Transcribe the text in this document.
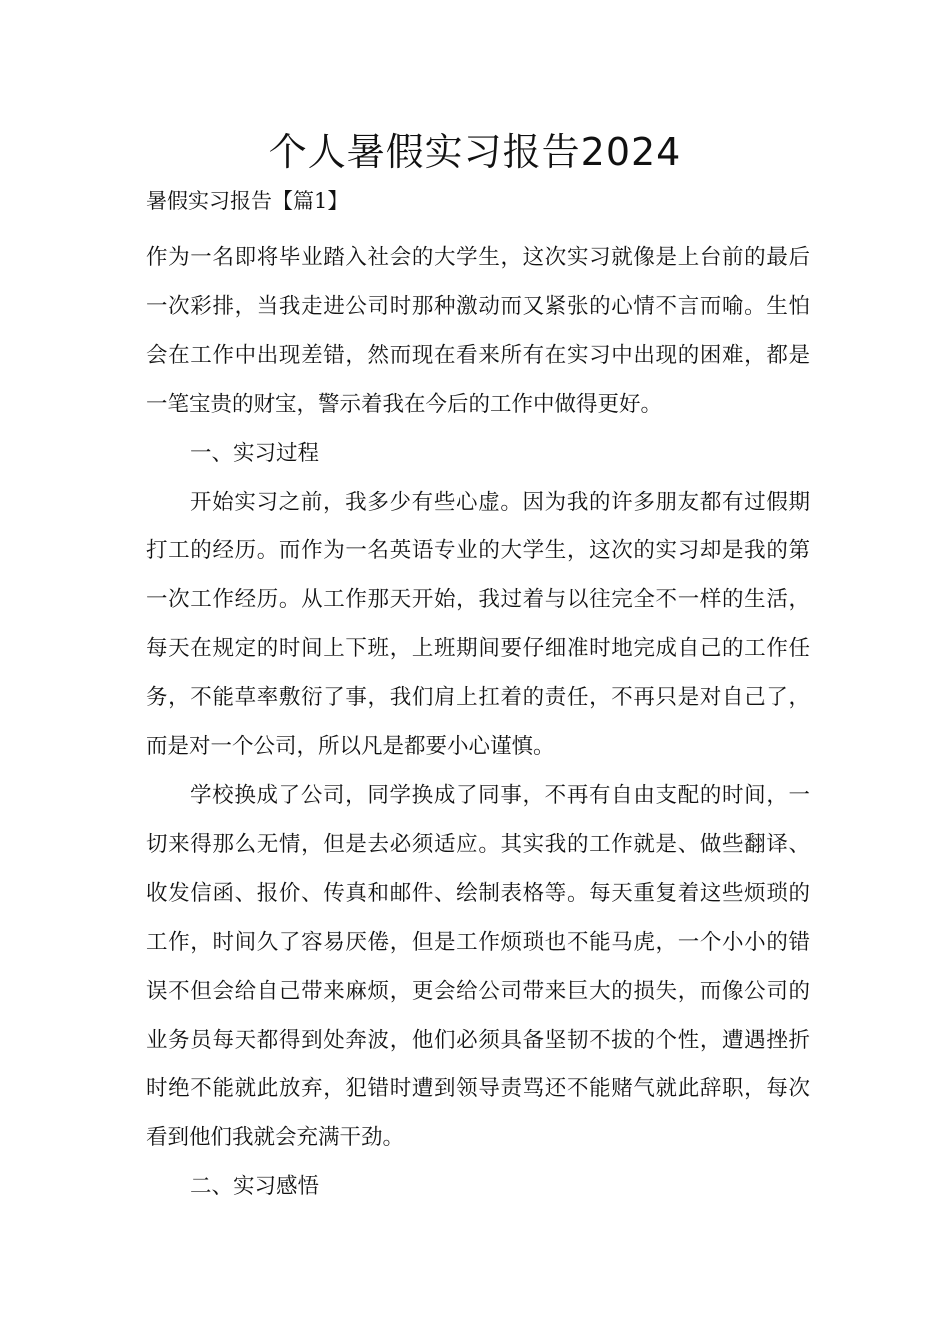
个人暑假实习报告2024
暑假实习报告【篇1】

作为一名即将毕业踏入社会的大学生，这次实习就像是上台前的最后一次彩排，当我走进公司时那种激动而又紧张的心情不言而喻。生怕会在工作中出现差错，然而现在看来所有在实习中出现的困难，都是一笔宝贵的财宝，警示着我在今后的工作中做得更好。

一、实习过程

开始实习之前，我多少有些心虚。因为我的许多朋友都有过假期打工的经历。而作为一名英语专业的大学生，这次的实习却是我的第一次工作经历。从工作那天开始，我过着与以往完全不一样的生活，每天在规定的时间上下班，上班期间要仔细准时地完成自己的工作任务，不能草率敷衍了事，我们肩上扛着的责任，不再只是对自己了，而是对一个公司，所以凡是都要小心谨慎。

学校换成了公司，同学换成了同事，不再有自由支配的时间，一切来得那么无情，但是去必须适应。其实我的工作就是、做些翻译、收发信函、报价、传真和邮件、绘制表格等。每天重复着这些烦琐的工作，时间久了容易厌倦，但是工作烦琐也不能马虎，一个小小的错误不但会给自己带来麻烦，更会给公司带来巨大的损失，而像公司的业务员每天都得到处奔波，他们必须具备坚韧不拔的个性，遭遇挫折时绝不能就此放弃，犯错时遭到领导责骂还不能赌气就此辞职，每次看到他们我就会充满干劲。

二、实习感悟
